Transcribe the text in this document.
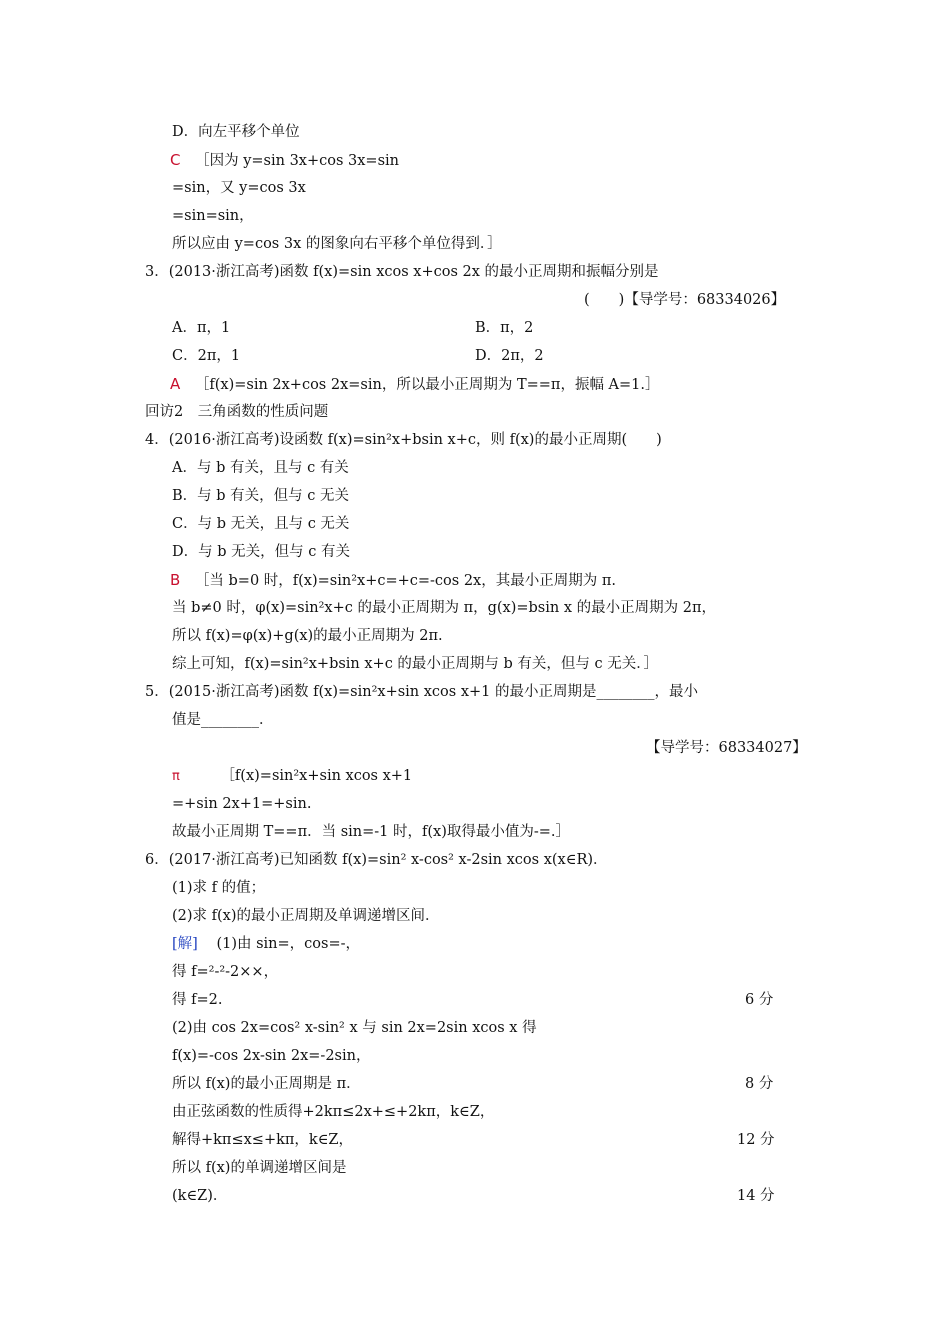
D．向左平移个单位
C ［因为 y=sin 3x+cos 3x=sin
=sin，又 y=cos 3x
=sin=sin，
所以应由 y=cos 3x 的图象向右平移个单位得到．］
3．(2013·浙江高考)函数 f(x)=sin xcos x+cos 2x 的最小正周期和振幅分别是
(　　)【导学号：68334026】
A．π，1	B．π，2
C．2π，1	D．2π，2
A ［f(x)=sin 2x+cos 2x=sin，所以最小正周期为 T==π，振幅 A=1.］
回访2　三角函数的性质问题
4．(2016·浙江高考)设函数 f(x)=sin²x+bsin x+c，则 f(x)的最小正周期(　　)
A．与 b 有关，且与 c 有关
B．与 b 有关，但与 c 无关
C．与 b 无关，且与 c 无关
D．与 b 无关，但与 c 有关
B ［当 b=0 时，f(x)=sin²x+c=+c=-cos 2x，其最小正周期为 π.
当 b≠0 时，φ(x)=sin²x+c 的最小正周期为 π，g(x)=bsin x 的最小正周期为 2π，
所以 f(x)=φ(x)+g(x)的最小正周期为 2π.
综上可知，f(x)=sin²x+bsin x+c 的最小正周期与 b 有关，但与 c 无关．］
5．(2015·浙江高考)函数 f(x)=sin²x+sin xcos x+1 的最小正周期是________，最小
值是________．
【导学号：68334027】
π	［f(x)=sin²x+sin xcos x+1
=+sin 2x+1=+sin.
故最小正周期 T==π．当 sin=-1 时，f(x)取得最小值为-=.］
6．(2017·浙江高考)已知函数 f(x)=sin² x-cos² x-2sin xcos x(x∈R)．
(1)求 f 的值；
(2)求 f(x)的最小正周期及单调递增区间．
[解] (1)由 sin=，cos=-，
得 f=²-²-2××，
得 f=2.	6 分
(2)由 cos 2x=cos² x-sin² x 与 sin 2x=2sin xcos x 得
f(x)=-cos 2x-sin 2x=-2sin，
所以 f(x)的最小正周期是 π．	8 分
由正弦函数的性质得+2kπ≤2x+≤+2kπ，k∈Z，
解得+kπ≤x≤+kπ，k∈Z，	12 分
所以 f(x)的单调递增区间是
(k∈Z)．	14 分
